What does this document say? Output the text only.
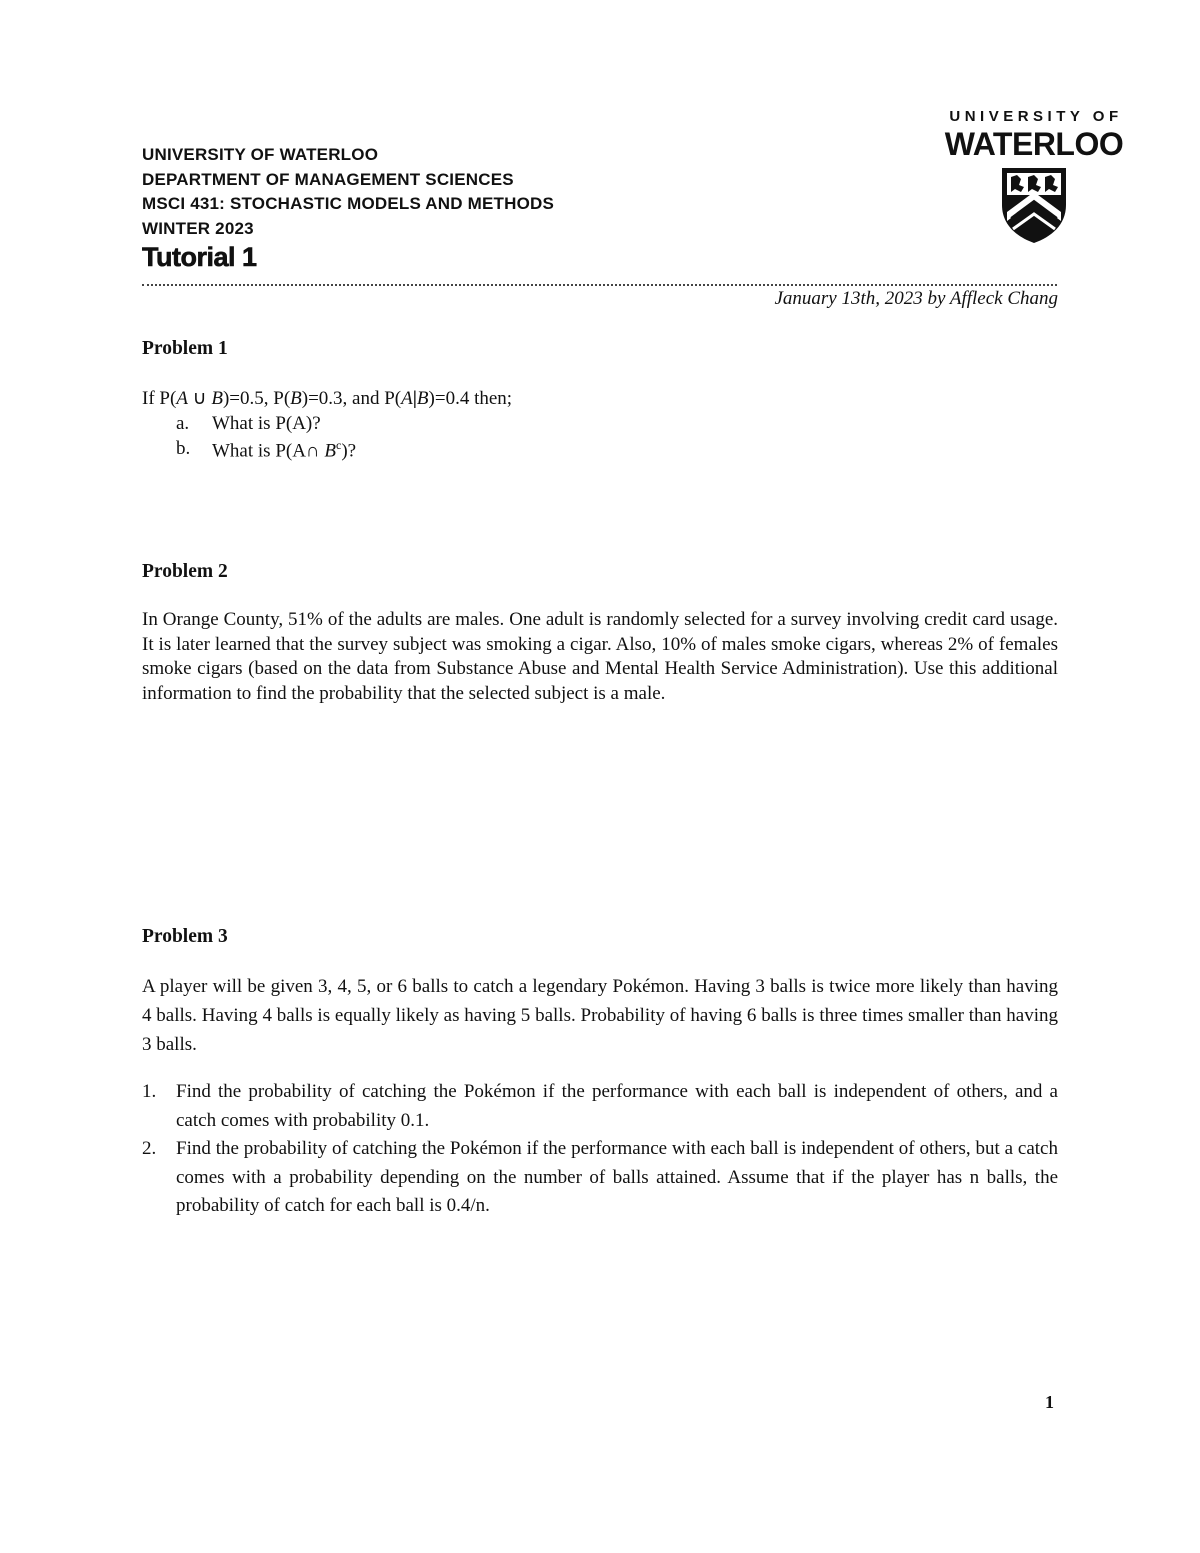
UNIVERSITY OF WATERLOO
DEPARTMENT OF MANAGEMENT SCIENCES
MSCI 431: STOCHASTIC MODELS AND METHODS
WINTER 2023
Tutorial 1
January 13th, 2023 by Affleck Chang
UNIVERSITY OF
WATERLOO
Problem 1
If P(A ∪ B)=0.5, P(B)=0.3, and P(A|B)=0.4 then;
a. What is P(A)?
b. What is P(A∩ $B^c$)?
Problem 2
In Orange County, 51% of the adults are males. One adult is randomly selected for a survey involving credit card usage. It is later learned that the survey subject was smoking a cigar. Also, 10% of males smoke cigars, whereas 2% of females smoke cigars (based on the data from Substance Abuse and Mental Health Service Administration). Use this additional information to find the probability that the selected subject is a male.
Problem 3
A player will be given 3, 4, 5, or 6 balls to catch a legendary Pokémon. Having 3 balls is twice more likely than having 4 balls. Having 4 balls is equally likely as having 5 balls. Probability of having 6 balls is three times smaller than having 3 balls.
1. Find the probability of catching the Pokémon if the performance with each ball is independent of others, and a catch comes with probability 0.1.
2. Find the probability of catching the Pokémon if the performance with each ball is independent of others, but a catch comes with a probability depending on the number of balls attained. Assume that if the player has n balls, the probability of catch for each ball is 0.4/n.
1
